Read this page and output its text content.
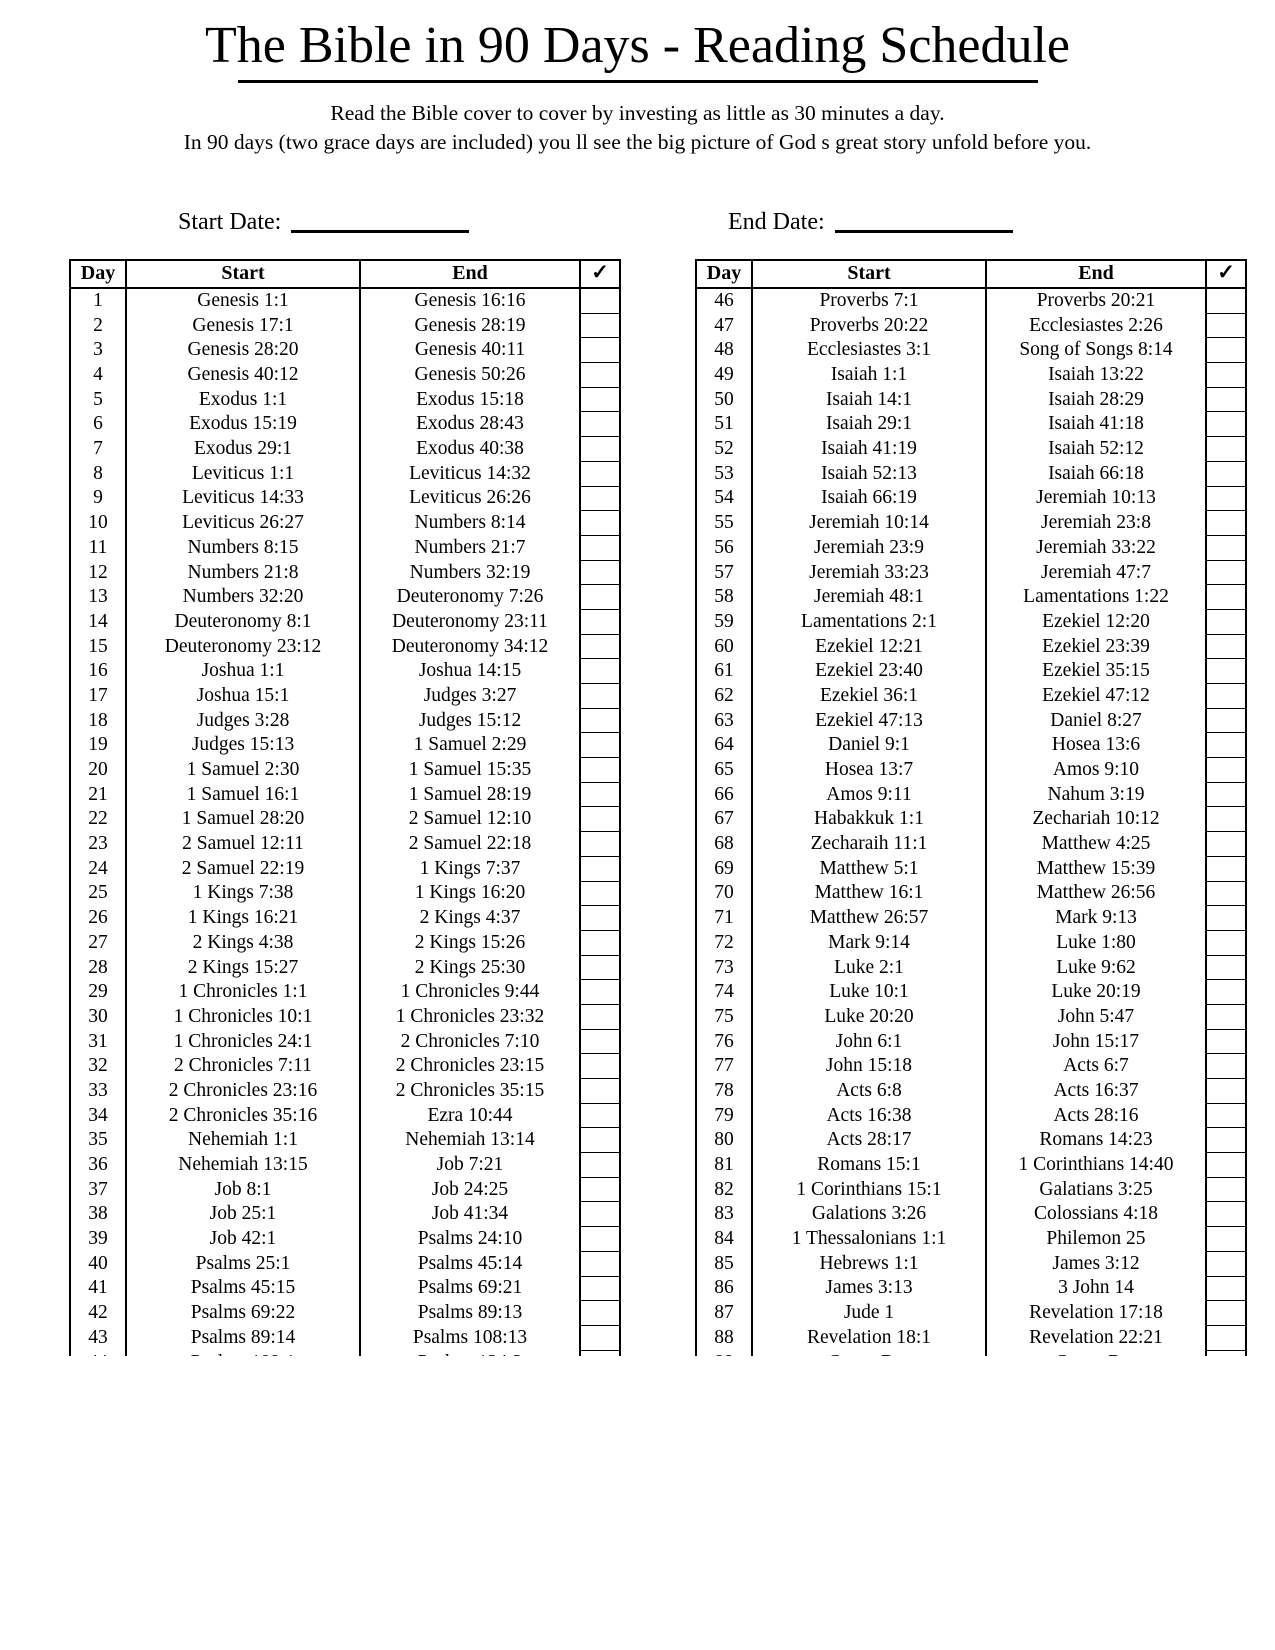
The Bible in 90 Days - Reading Schedule
Read the Bible cover to cover by investing as little as 30 minutes a day.
In 90 days (two grace days are included) you ll see the big picture of God s great story unfold before you.
Start Date:	End Date:
Day	Start	End	✓
1	Genesis 1:1	Genesis 16:16	
2	Genesis 17:1	Genesis 28:19	
3	Genesis 28:20	Genesis 40:11	
4	Genesis 40:12	Genesis 50:26	
5	Exodus 1:1	Exodus 15:18	
6	Exodus 15:19	Exodus 28:43	
7	Exodus 29:1	Exodus 40:38	
8	Leviticus 1:1	Leviticus 14:32	
9	Leviticus 14:33	Leviticus 26:26	
10	Leviticus 26:27	Numbers 8:14	
11	Numbers 8:15	Numbers 21:7	
12	Numbers 21:8	Numbers 32:19	
13	Numbers 32:20	Deuteronomy 7:26	
14	Deuteronomy 8:1	Deuteronomy 23:11	
15	Deuteronomy 23:12	Deuteronomy 34:12	
16	Joshua 1:1	Joshua 14:15	
17	Joshua 15:1	Judges 3:27	
18	Judges 3:28	Judges 15:12	
19	Judges 15:13	1 Samuel 2:29	
20	1 Samuel 2:30	1 Samuel 15:35	
21	1 Samuel 16:1	1 Samuel 28:19	
22	1 Samuel 28:20	2 Samuel 12:10	
23	2 Samuel 12:11	2 Samuel 22:18	
24	2 Samuel 22:19	1 Kings 7:37	
25	1 Kings 7:38	1 Kings 16:20	
26	1 Kings 16:21	2 Kings 4:37	
27	2 Kings 4:38	2 Kings 15:26	
28	2 Kings 15:27	2 Kings 25:30	
29	1 Chronicles 1:1	1 Chronicles 9:44	
30	1 Chronicles 10:1	1 Chronicles 23:32	
31	1 Chronicles 24:1	2 Chronicles 7:10	
32	2 Chronicles 7:11	2 Chronicles 23:15	
33	2 Chronicles 23:16	2 Chronicles 35:15	
34	2 Chronicles 35:16	Ezra 10:44	
35	Nehemiah 1:1	Nehemiah 13:14	
36	Nehemiah 13:15	Job 7:21	
37	Job 8:1	Job 24:25	
38	Job 25:1	Job 41:34	
39	Job 42:1	Psalms 24:10	
40	Psalms 25:1	Psalms 45:14	
41	Psalms 45:15	Psalms 69:21	
42	Psalms 69:22	Psalms 89:13	
43	Psalms 89:14	Psalms 108:13	

Day	Start	End	✓
46	Proverbs 7:1	Proverbs 20:21	
47	Proverbs 20:22	Ecclesiastes 2:26	
48	Ecclesiastes 3:1	Song of Songs 8:14	
49	Isaiah 1:1	Isaiah 13:22	
50	Isaiah 14:1	Isaiah 28:29	
51	Isaiah 29:1	Isaiah 41:18	
52	Isaiah 41:19	Isaiah 52:12	
53	Isaiah 52:13	Isaiah 66:18	
54	Isaiah 66:19	Jeremiah 10:13	
55	Jeremiah 10:14	Jeremiah 23:8	
56	Jeremiah 23:9	Jeremiah 33:22	
57	Jeremiah 33:23	Jeremiah 47:7	
58	Jeremiah 48:1	Lamentations 1:22	
59	Lamentations 2:1	Ezekiel 12:20	
60	Ezekiel 12:21	Ezekiel 23:39	
61	Ezekiel 23:40	Ezekiel 35:15	
62	Ezekiel 36:1	Ezekiel 47:12	
63	Ezekiel 47:13	Daniel 8:27	
64	Daniel 9:1	Hosea 13:6	
65	Hosea 13:7	Amos 9:10	
66	Amos 9:11	Nahum 3:19	
67	Habakkuk 1:1	Zechariah 10:12	
68	Zecharaih 11:1	Matthew 4:25	
69	Matthew 5:1	Matthew 15:39	
70	Matthew 16:1	Matthew 26:56	
71	Matthew 26:57	Mark 9:13	
72	Mark 9:14	Luke 1:80	
73	Luke 2:1	Luke 9:62	
74	Luke 10:1	Luke 20:19	
75	Luke 20:20	John 5:47	
76	John 6:1	John 15:17	
77	John 15:18	Acts 6:7	
78	Acts 6:8	Acts 16:37	
79	Acts 16:38	Acts 28:16	
80	Acts 28:17	Romans 14:23	
81	Romans 15:1	1 Corinthians 14:40	
82	1 Corinthians 15:1	Galatians 3:25	
83	Galations 3:26	Colossians 4:18	
84	1 Thessalonians 1:1	Philemon 25	
85	Hebrews 1:1	James 3:12	
86	James 3:13	3 John 14	
87	Jude 1	Revelation 17:18	
88	Revelation 18:1	Revelation 22:21	
